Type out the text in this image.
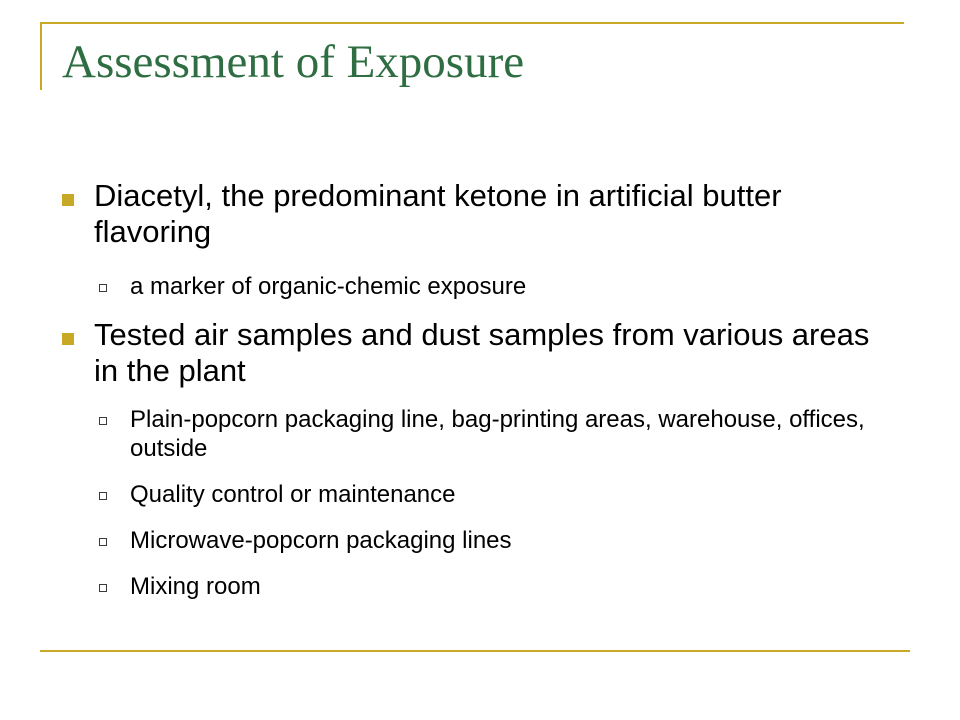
Assessment of Exposure
Diacetyl, the predominant ketone in artificial butter flavoring
a marker of organic-chemic exposure
Tested air samples and dust samples from various areas in the plant
Plain-popcorn packaging line, bag-printing areas, warehouse, offices, outside
Quality control or maintenance
Microwave-popcorn packaging lines
Mixing room
